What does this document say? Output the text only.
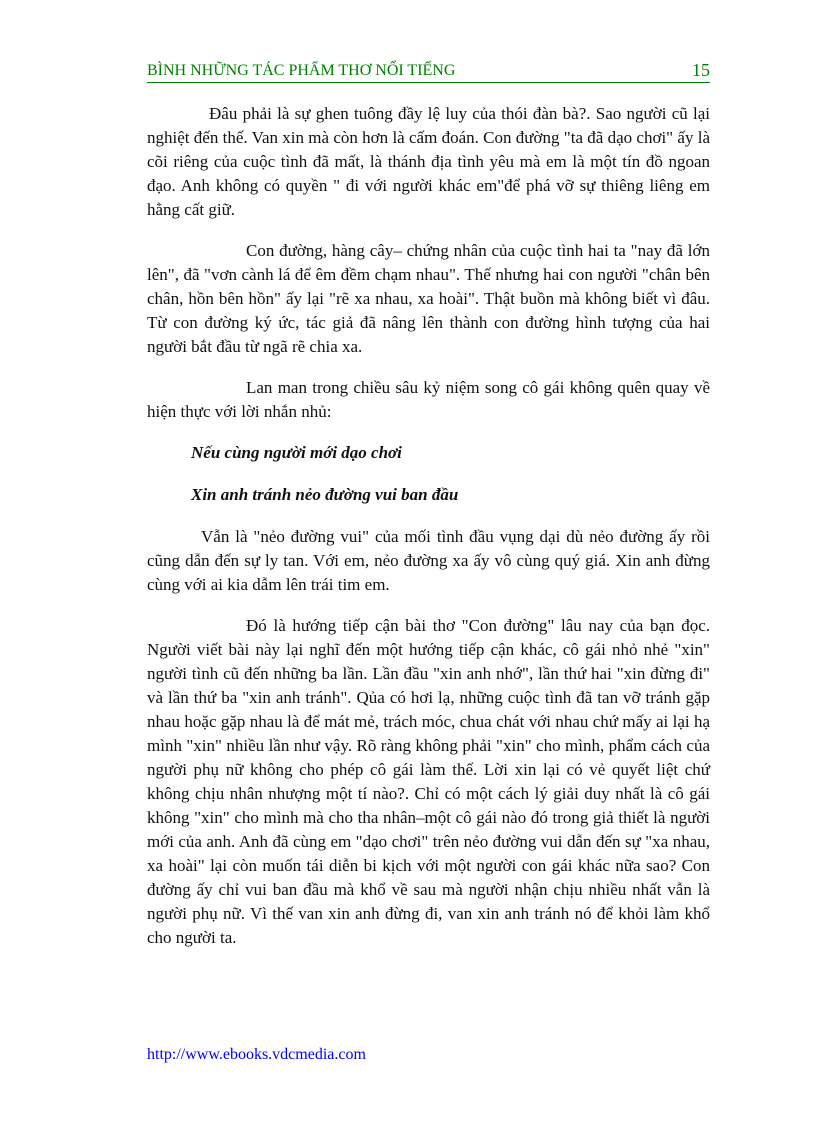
BÌNH NHỮNG TÁC PHẨM THƠ NỔI TIẾNG	15

Đâu phải là sự ghen tuông đầy lệ luy của thói đàn bà?. Sao người cũ lại nghiệt đến thế. Van xin mà còn hơn là cấm đoán. Con đường "ta đã dạo chơi" ấy là cõi riêng của cuộc tình đã mất, là thánh địa tình yêu mà em là một tín đồ ngoan đạo. Anh không có quyền " đi với người khác em"để phá vỡ sự thiêng liêng em hằng cất giữ.

Con đường, hàng cây– chứng nhân của cuộc tình hai ta "nay đã lớn lên", đã "vơn cành lá để êm đềm chạm nhau". Thế nhưng hai con người "chân bên chân, hồn bên hồn" ấy lại "rẽ xa nhau, xa hoài". Thật buồn mà không biết vì đâu. Từ con đường ký ức, tác giả đã nâng lên thành con đường hình tượng của hai người bắt đầu từ ngã rẽ chia xa.

Lan man trong chiều sâu kỷ niệm song cô gái không quên quay về hiện thực với lời nhắn nhủ:

Nếu cùng người mới dạo chơi

Xin anh tránh nẻo đường vui ban đầu

Vẫn là "nẻo đường vui" của mối tình đầu vụng dại dù nẻo đường ấy rồi cũng dẫn đến sự ly tan. Với em, nẻo đường xa ấy vô cùng quý giá. Xin anh đừng cùng với ai kia dẫm lên trái tim em.

Đó là hướng tiếp cận bài thơ "Con đường" lâu nay của bạn đọc. Người viết bài này lại nghĩ đến một hướng tiếp cận khác, cô gái nhỏ nhẻ "xin" người tình cũ đến những ba lần. Lần đầu "xin anh nhớ", lần thứ hai "xin đừng đi" và lần thứ ba "xin anh tránh". Qủa có hơi lạ, những cuộc tình đã tan vỡ tránh gặp nhau hoặc gặp nhau là để mát mẻ, trách móc, chua chát với nhau chứ mấy ai lại hạ mình "xin" nhiều lần như vậy. Rõ ràng không phải "xin" cho mình, phẩm cách của người phụ nữ không cho phép cô gái làm thế. Lời xin lại có vẻ quyết liệt chứ không chịu nhân nhượng một tí nào?. Chỉ có một cách lý giải duy nhất là cô gái không "xin" cho mình mà cho tha nhân–một cô gái nào đó trong giả thiết là người mới của anh. Anh đã cùng em "dạo chơi" trên nẻo đường vui dẫn đến sự "xa nhau, xa hoài" lại còn muốn tái diễn bi kịch với một người con gái khác nữa sao? Con đường ấy chỉ vui ban đầu mà khổ về sau mà người nhận chịu nhiều nhất vẫn là người phụ nữ. Vì thế van xin anh đừng đi, van xin anh tránh nó để khỏi làm khổ cho người ta.

http://www.ebooks.vdcmedia.com
